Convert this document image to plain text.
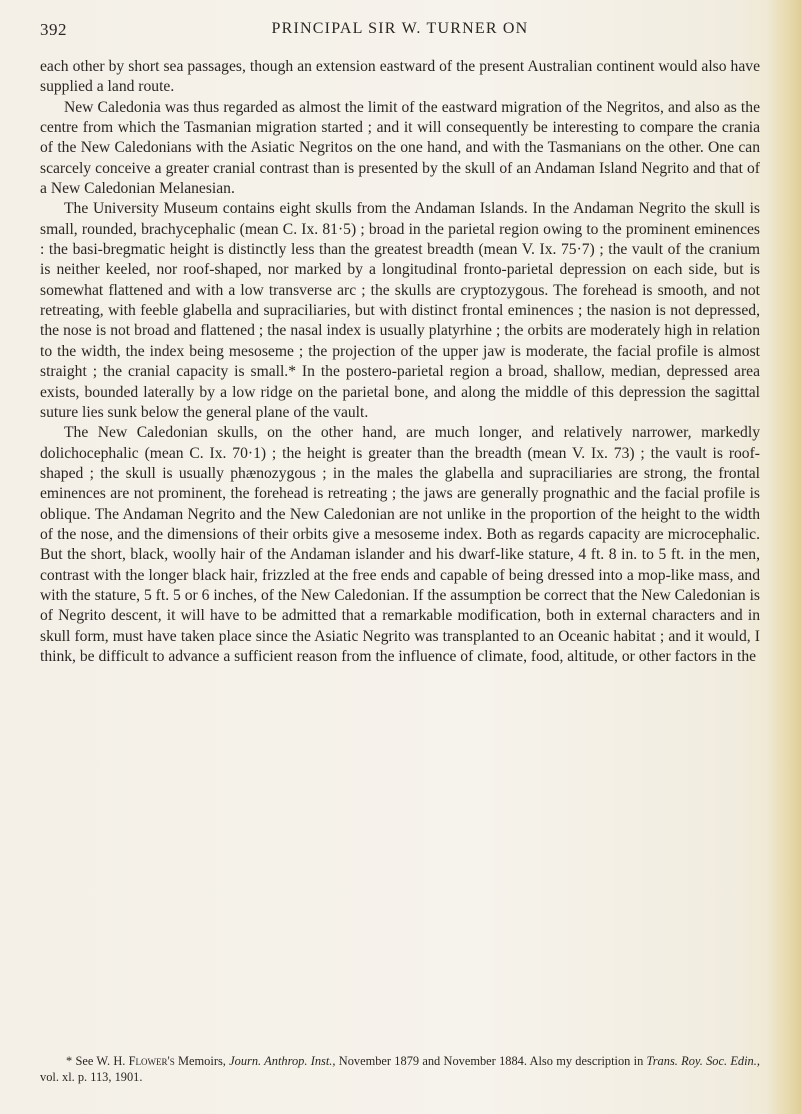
392	PRINCIPAL SIR W. TURNER ON

each other by short sea passages, though an extension eastward of the present Australian continent would also have supplied a land route.

New Caledonia was thus regarded as almost the limit of the eastward migration of the Negritos, and also as the centre from which the Tasmanian migration started ; and it will consequently be interesting to compare the crania of the New Caledonians with the Asiatic Negritos on the one hand, and with the Tasmanians on the other. One can scarcely conceive a greater cranial contrast than is presented by the skull of an Andaman Island Negrito and that of a New Caledonian Melanesian.

The University Museum contains eight skulls from the Andaman Islands. In the Andaman Negrito the skull is small, rounded, brachycephalic (mean C. Ix. 81·5) ; broad in the parietal region owing to the prominent eminences : the basi-bregmatic height is distinctly less than the greatest breadth (mean V. Ix. 75·7) ; the vault of the cranium is neither keeled, nor roof-shaped, nor marked by a longitudinal fronto-parietal depression on each side, but is somewhat flattened and with a low transverse arc ; the skulls are cryptozygous. The forehead is smooth, and not retreating, with feeble glabella and supraciliaries, but with distinct frontal eminences ; the nasion is not depressed, the nose is not broad and flattened ; the nasal index is usually platyrhine ; the orbits are moderately high in relation to the width, the index being mesoseme ; the projection of the upper jaw is moderate, the facial profile is almost straight ; the cranial capacity is small.* In the postero-parietal region a broad, shallow, median, depressed area exists, bounded laterally by a low ridge on the parietal bone, and along the middle of this depression the sagittal suture lies sunk below the general plane of the vault.

The New Caledonian skulls, on the other hand, are much longer, and relatively narrower, markedly dolichocephalic (mean C. Ix. 70·1) ; the height is greater than the breadth (mean V. Ix. 73) ; the vault is roof-shaped ; the skull is usually phænozygous ; in the males the glabella and supraciliaries are strong, the frontal eminences are not prominent, the forehead is retreating ; the jaws are generally prognathic and the facial profile is oblique. The Andaman Negrito and the New Caledonian are not unlike in the proportion of the height to the width of the nose, and the dimensions of their orbits give a mesoseme index. Both as regards capacity are microcephalic. But the short, black, woolly hair of the Andaman islander and his dwarf-like stature, 4 ft. 8 in. to 5 ft. in the men, contrast with the longer black hair, frizzled at the free ends and capable of being dressed into a mop-like mass, and with the stature, 5 ft. 5 or 6 inches, of the New Caledonian. If the assumption be correct that the New Caledonian is of Negrito descent, it will have to be admitted that a remarkable modification, both in external characters and in skull form, must have taken place since the Asiatic Negrito was transplanted to an Oceanic habitat ; and it would, I think, be difficult to advance a sufficient reason from the influence of climate, food, altitude, or other factors in the

* See W. H. Flower's Memoirs, Journ. Anthrop. Inst., November 1879 and November 1884. Also my description in Trans. Roy. Soc. Edin., vol. xl. p. 113, 1901.
